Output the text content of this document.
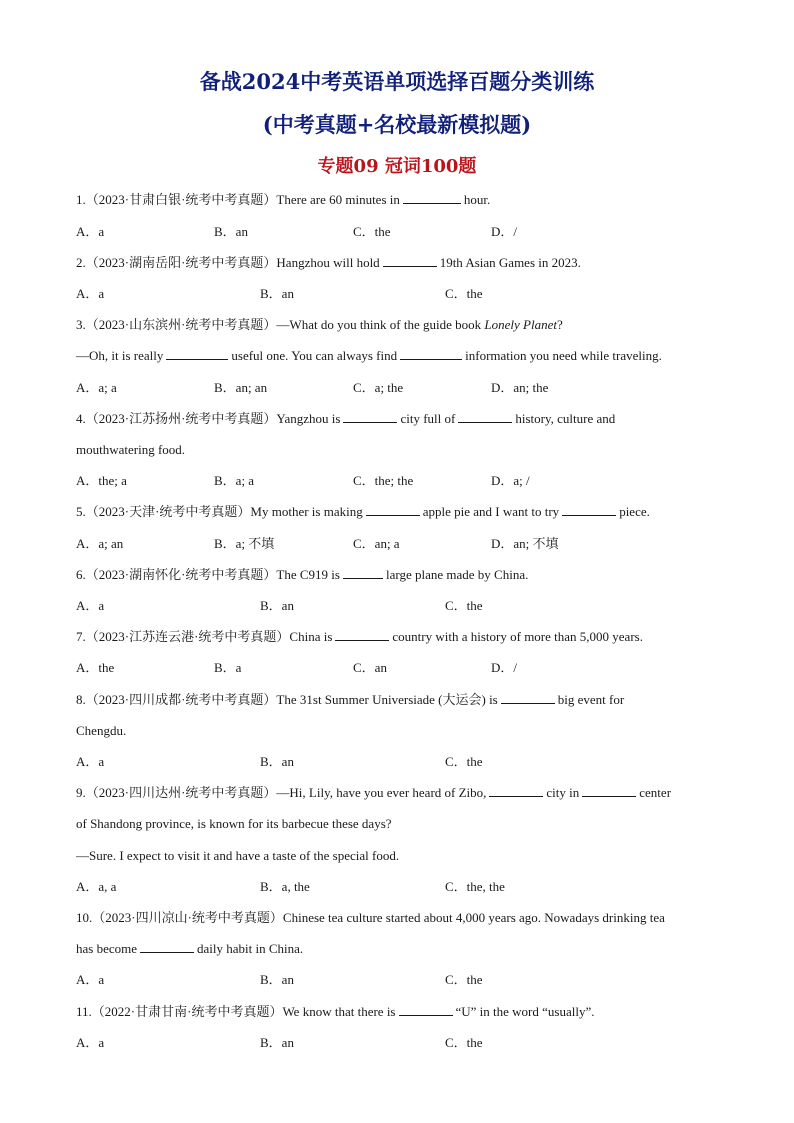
备战2024中考英语单项选择百题分类训练
(中考真题+名校最新模拟题)
专题09 冠词100题
1.（2023·甘肃白银·统考中考真题）There are 60 minutes in	hour.
A．a	B．an	C．the	D．/
2.（2023·湖南岳阳·统考中考真题）Hangzhou will hold	19th Asian Games in 2023.
A．a	B．an	C．the
3.（2023·山东滨州·统考中考真题）—What do you think of the guide book Lonely Planet?
—Oh, it is really	useful one. You can always find	information you need while traveling.
A．a; a	B．an; an	C．a; the	D．an; the
4.（2023·江苏扬州·统考中考真题）Yangzhou is	city full of	history, culture and
mouthwatering food.
A．the; a	B．a; a	C．the; the	D．a; /
5.（2023·天津·统考中考真题）My mother is making	apple pie and I want to try	piece.
A．a; an	B．a; 不填	C．an; a	D．an; 不填
6.（2023·湖南怀化·统考中考真题）The C919 is	large plane made by China.
A．a	B．an	C．the
7.（2023·江苏连云港·统考中考真题）China is	country with a history of more than 5,000 years.
A．the	B．a	C．an	D．/
8.（2023·四川成都·统考中考真题）The 31st Summer Universiade (大运会) is	big event for
Chengdu.
A．a	B．an	C．the
9.（2023·四川达州·统考中考真题）—Hi, Lily, have you ever heard of Zibo,	city in	center
of Shandong province, is known for its barbecue these days?
—Sure. I expect to visit it and have a taste of the special food.
A．a, a	B．a, the	C．the, the
10.（2023·四川凉山·统考中考真题）Chinese tea culture started about 4,000 years ago. Nowadays drinking tea
has become	daily habit in China.
A．a	B．an	C．the
11.（2022·甘肃甘南·统考中考真题）We know that there is	“U” in the word “usually”.
A．a	B．an	C．the
